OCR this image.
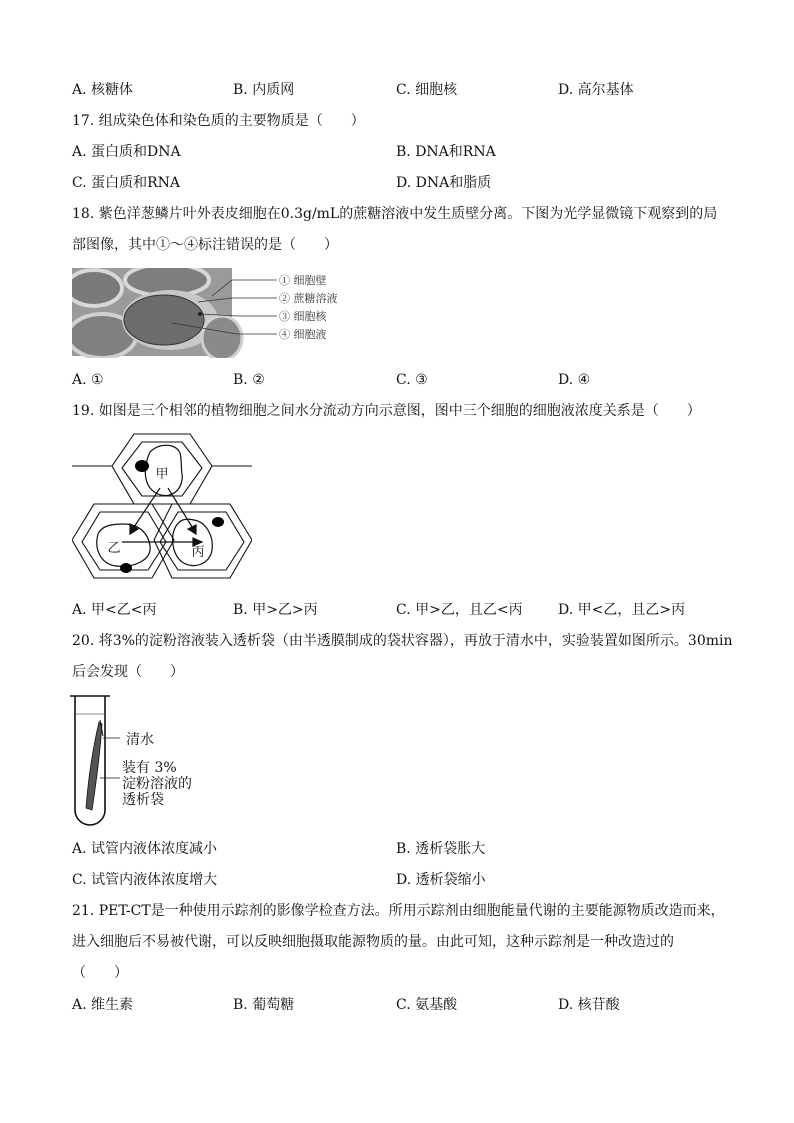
A. 核糖体	B. 内质网	C. 细胞核	D. 高尔基体
17. 组成染色体和染色质的主要物质是（　　）
A. 蛋白质和DNA	B. DNA和RNA
C. 蛋白质和RNA	D. DNA和脂质
18. 紫色洋葱鳞片叶外表皮细胞在0.3g/mL的蔗糖溶液中发生质壁分离。下图为光学显微镜下观察到的局
部图像，其中①～④标注错误的是（　　）
① 细胞壁
② 蔗糖溶液
③ 细胞核
④ 细胞液
A. ①	B. ②	C. ③	D. ④
19. 如图是三个相邻的植物细胞之间水分流动方向示意图，图中三个细胞的细胞液浓度关系是（　　）
甲
乙	丙
A. 甲<乙<丙	B. 甲>乙>丙	C. 甲>乙，且乙<丙	D. 甲<乙，且乙>丙
20. 将3%的淀粉溶液装入透析袋（由半透膜制成的袋状容器），再放于清水中，实验装置如图所示。30min
后会发现（　　）
清水
装有 3%
淀粉溶液的
透析袋
A. 试管内液体浓度减小	B. 透析袋胀大
C. 试管内液体浓度增大	D. 透析袋缩小
21. PET-CT是一种使用示踪剂的影像学检查方法。所用示踪剂由细胞能量代谢的主要能源物质改造而来，
进入细胞后不易被代谢，可以反映细胞摄取能源物质的量。由此可知，这种示踪剂是一种改造过的
（　　）
A. 维生素	B. 葡萄糖	C. 氨基酸	D. 核苷酸
